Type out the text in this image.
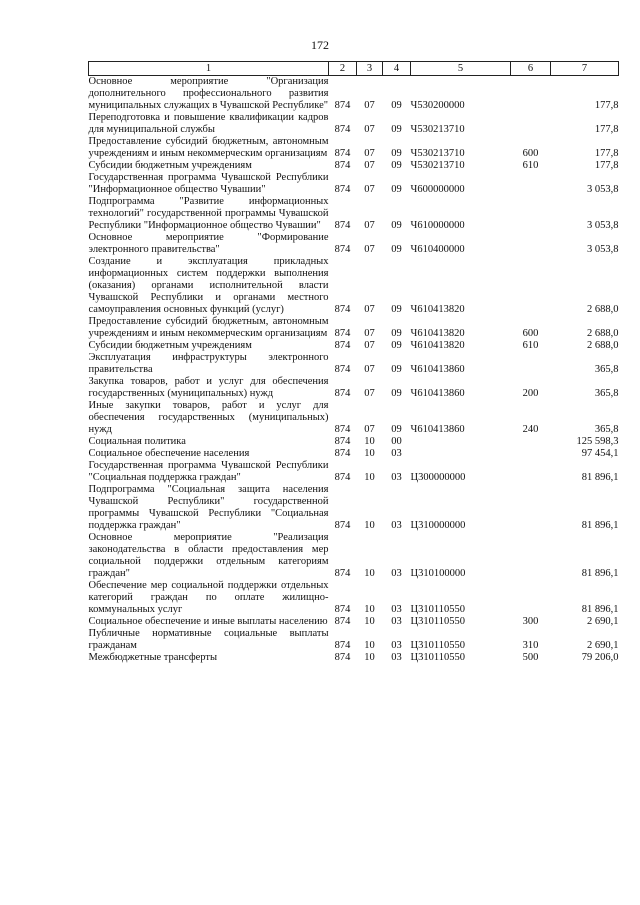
172
1	2	3	4	5	6	7
Основное мероприятие "Организация дополнительного профессионального развития муниципальных служащих в Чувашской Республике"	874	07	09	Ч530200000		177,8
Переподготовка и повышение квалификации кадров для муниципальной службы	874	07	09	Ч530213710		177,8
Предоставление субсидий бюджетным, автономным учреждениям и иным некоммерческим организациям	874	07	09	Ч530213710	600	177,8
Субсидии бюджетным учреждениям	874	07	09	Ч530213710	610	177,8
Государственная программа Чувашской Республики "Информационное общество Чувашии"	874	07	09	Ч600000000		3 053,8
Подпрограмма "Развитие информационных технологий" государственной программы Чувашской Республики "Информационное общество Чувашии"	874	07	09	Ч610000000		3 053,8
Основное мероприятие "Формирование электронного правительства"	874	07	09	Ч610400000		3 053,8
Создание и эксплуатация прикладных информационных систем поддержки выполнения (оказания) органами исполнительной власти Чувашской Республики и органами местного самоуправления основных функций (услуг)	874	07	09	Ч610413820		2 688,0
Предоставление субсидий бюджетным, автономным учреждениям и иным некоммерческим организациям	874	07	09	Ч610413820	600	2 688,0
Субсидии бюджетным учреждениям	874	07	09	Ч610413820	610	2 688,0
Эксплуатация инфраструктуры электронного правительства	874	07	09	Ч610413860		365,8
Закупка товаров, работ и услуг для обеспечения государственных (муниципальных) нужд	874	07	09	Ч610413860	200	365,8
Иные закупки товаров, работ и услуг для обеспечения государственных (муниципальных) нужд	874	07	09	Ч610413860	240	365,8
Социальная политика	874	10	00			125 598,3
Социальное обеспечение населения	874	10	03			97 454,1
Государственная программа Чувашской Республики "Социальная поддержка граждан"	874	10	03	Ц300000000		81 896,1
Подпрограмма "Социальная защита населения Чувашской Республики" государственной программы Чувашской Республики "Социальная поддержка граждан"	874	10	03	Ц310000000		81 896,1
Основное мероприятие "Реализация законодательства в области предоставления мер социальной поддержки отдельным категориям граждан"	874	10	03	Ц310100000		81 896,1
Обеспечение мер социальной поддержки отдельных категорий граждан по оплате жилищно-коммунальных услуг	874	10	03	Ц310110550		81 896,1
Социальное обеспечение и иные выплаты населению	874	10	03	Ц310110550	300	2 690,1
Публичные нормативные социальные выплаты гражданам	874	10	03	Ц310110550	310	2 690,1
Межбюджетные трансферты	874	10	03	Ц310110550	500	79 206,0
